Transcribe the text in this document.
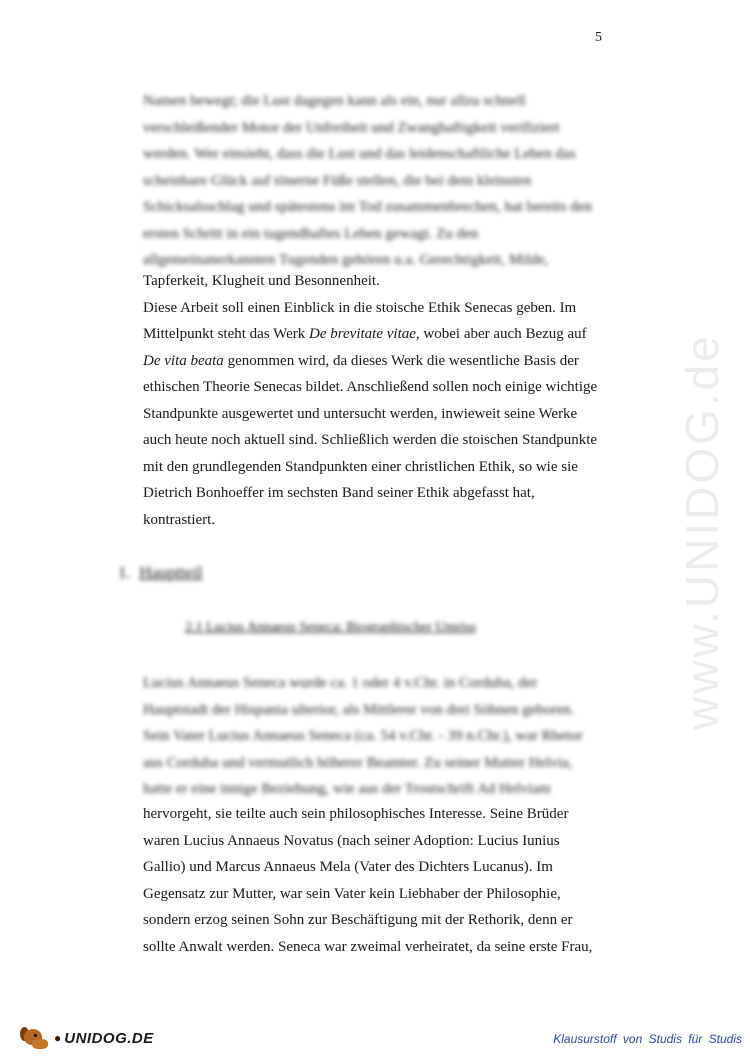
5
www.UNIDOG.de
Namen bewegt; die Lust dagegen kann als ein, nur allzu schnell
verschleißender Motor der Unfreiheit und Zwanghaftigkeit verifiziert
werden. Wer einsieht, dass die Lust und das leidenschaftliche Leben das
scheinbare Glück auf tönerne Füße stellen, die bei dem kleinsten
Schicksalsschlag und spätestens im Tod zusammenbrechen, hat bereits den
ersten Schritt in ein tugendhaftes Leben gewagt. Zu den
allgemeinanerkannten Tugenden gehören u.a. Gerechtigkeit, Milde,
Tapferkeit, Klugheit und Besonnenheit.
Diese Arbeit soll einen Einblick in die stoische Ethik Senecas geben. Im
Mittelpunkt steht das Werk De brevitate vitae, wobei aber auch Bezug auf
De vita beata genommen wird, da dieses Werk die wesentliche Basis der
ethischen Theorie Senecas bildet. Anschließend sollen noch einige wichtige
Standpunkte ausgewertet und untersucht werden, inwieweit seine Werke
auch heute noch aktuell sind. Schließlich werden die stoischen Standpunkte
mit den grundlegenden Standpunkten einer christlichen Ethik, so wie sie
Dietrich Bonhoeffer im sechsten Band seiner Ethik abgefasst hat,
kontrastiert.
1. Hauptteil
2.1 Lucius Annaeus Seneca: Biographischer Umriss
Lucius Annaeus Seneca wurde ca. 1 oder 4 v.Chr. in Corduba, der
Hauptstadt der Hispania ulterior, als Mittlerer von drei Söhnen geboren.
Sein Vater Lucius Annaeus Seneca (ca. 54 v.Chr. - 39 n.Chr.), war Rhetor
aus Corduba und vermutlich höherer Beamter. Zu seiner Mutter Helvia,
hatte er eine innige Beziehung, wie aus der Trostschrift Ad Helviam
hervorgeht, sie teilte auch sein philosophisches Interesse. Seine Brüder
waren Lucius Annaeus Novatus (nach seiner Adoption: Lucius Iunius
Gallio) und Marcus Annaeus Mela (Vater des Dichters Lucanus). Im
Gegensatz zur Mutter, war sein Vater kein Liebhaber der Philosophie,
sondern erzog seinen Sohn zur Beschäftigung mit der Rethorik, denn er
sollte Anwalt werden. Seneca war zweimal verheiratet, da seine erste Frau,
● UNIDOG.DE	Klausurstoff von Studis für Studis
